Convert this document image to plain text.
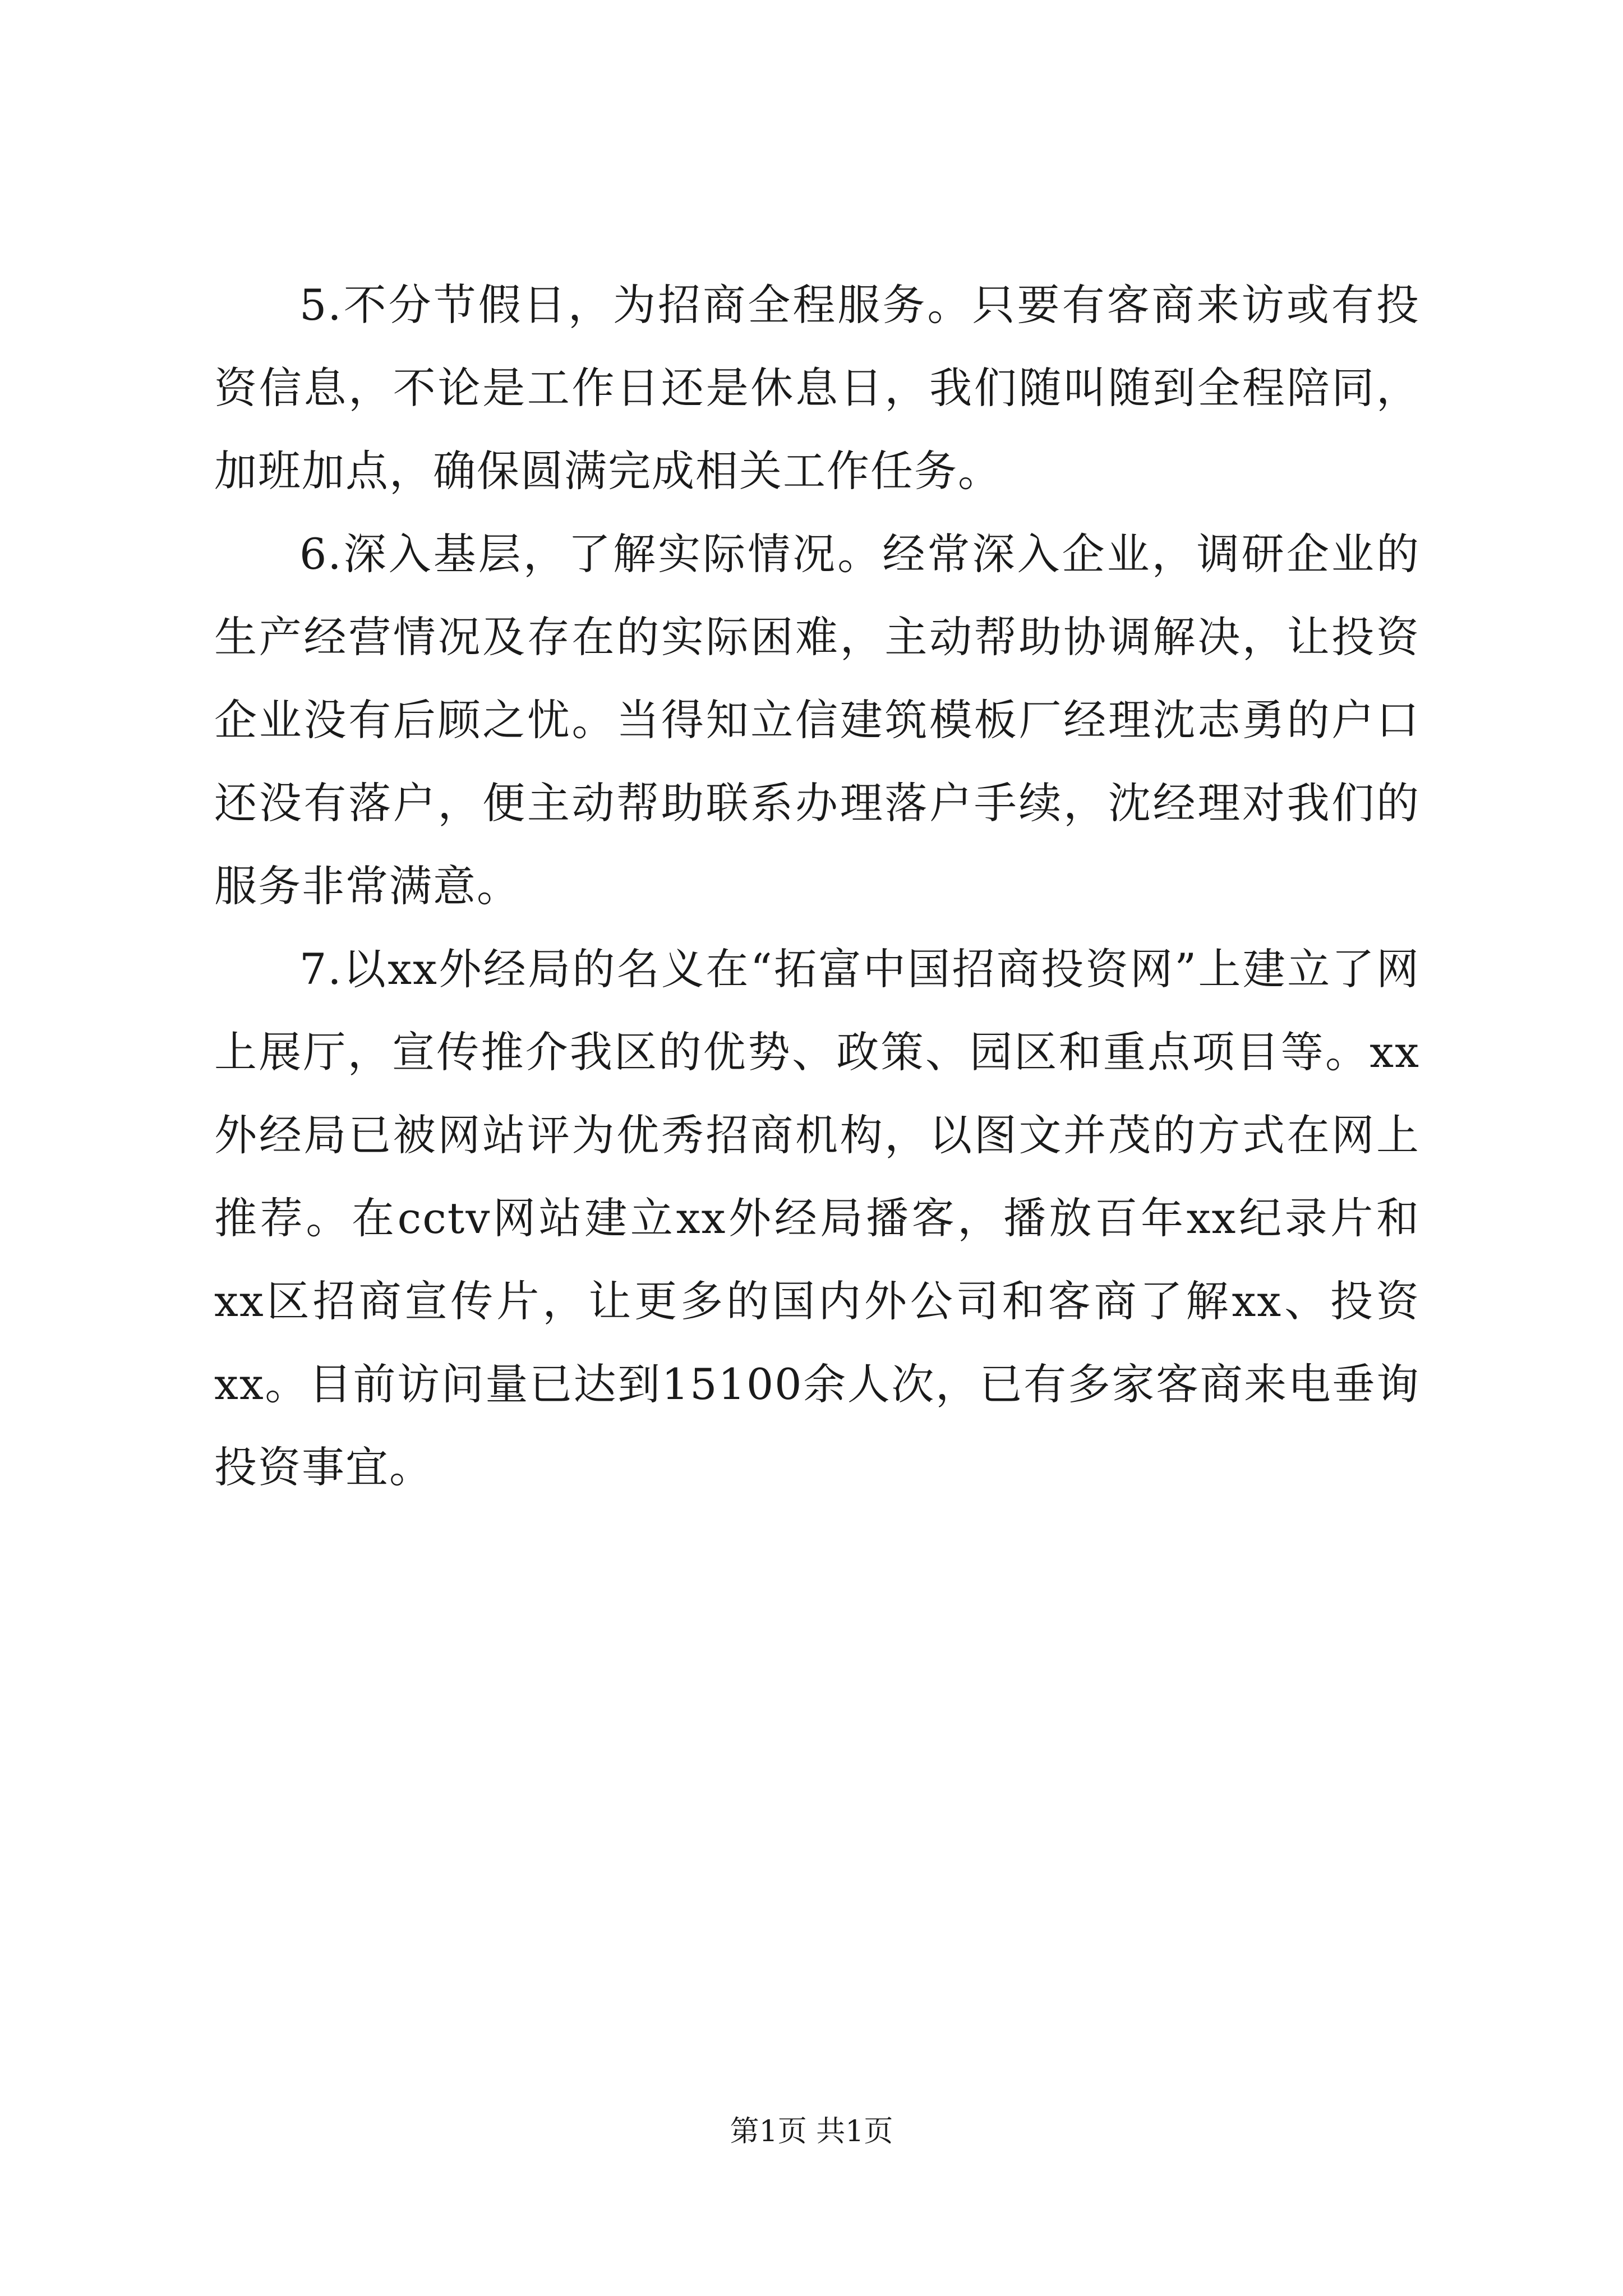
5.不分节假日，为招商全程服务。只要有客商来访或有投资信息，不论是工作日还是休息日，我们随叫随到全程陪同，加班加点，确保圆满完成相关工作任务。

6.深入基层，了解实际情况。经常深入企业，调研企业的生产经营情况及存在的实际困难，主动帮助协调解决，让投资企业没有后顾之忧。当得知立信建筑模板厂经理沈志勇的户口还没有落户，便主动帮助联系办理落户手续，沈经理对我们的服务非常满意。

7.以xx外经局的名义在“拓富中国招商投资网”上建立了网上展厅，宣传推介我区的优势、政策、园区和重点项目等。xx外经局已被网站评为优秀招商机构，以图文并茂的方式在网上推荐。在cctv网站建立xx外经局播客，播放百年xx纪录片和xx区招商宣传片，让更多的国内外公司和客商了解xx、投资xx。目前访问量已达到15100余人次，已有多家客商来电垂询投资事宜。

第1页 共1页
